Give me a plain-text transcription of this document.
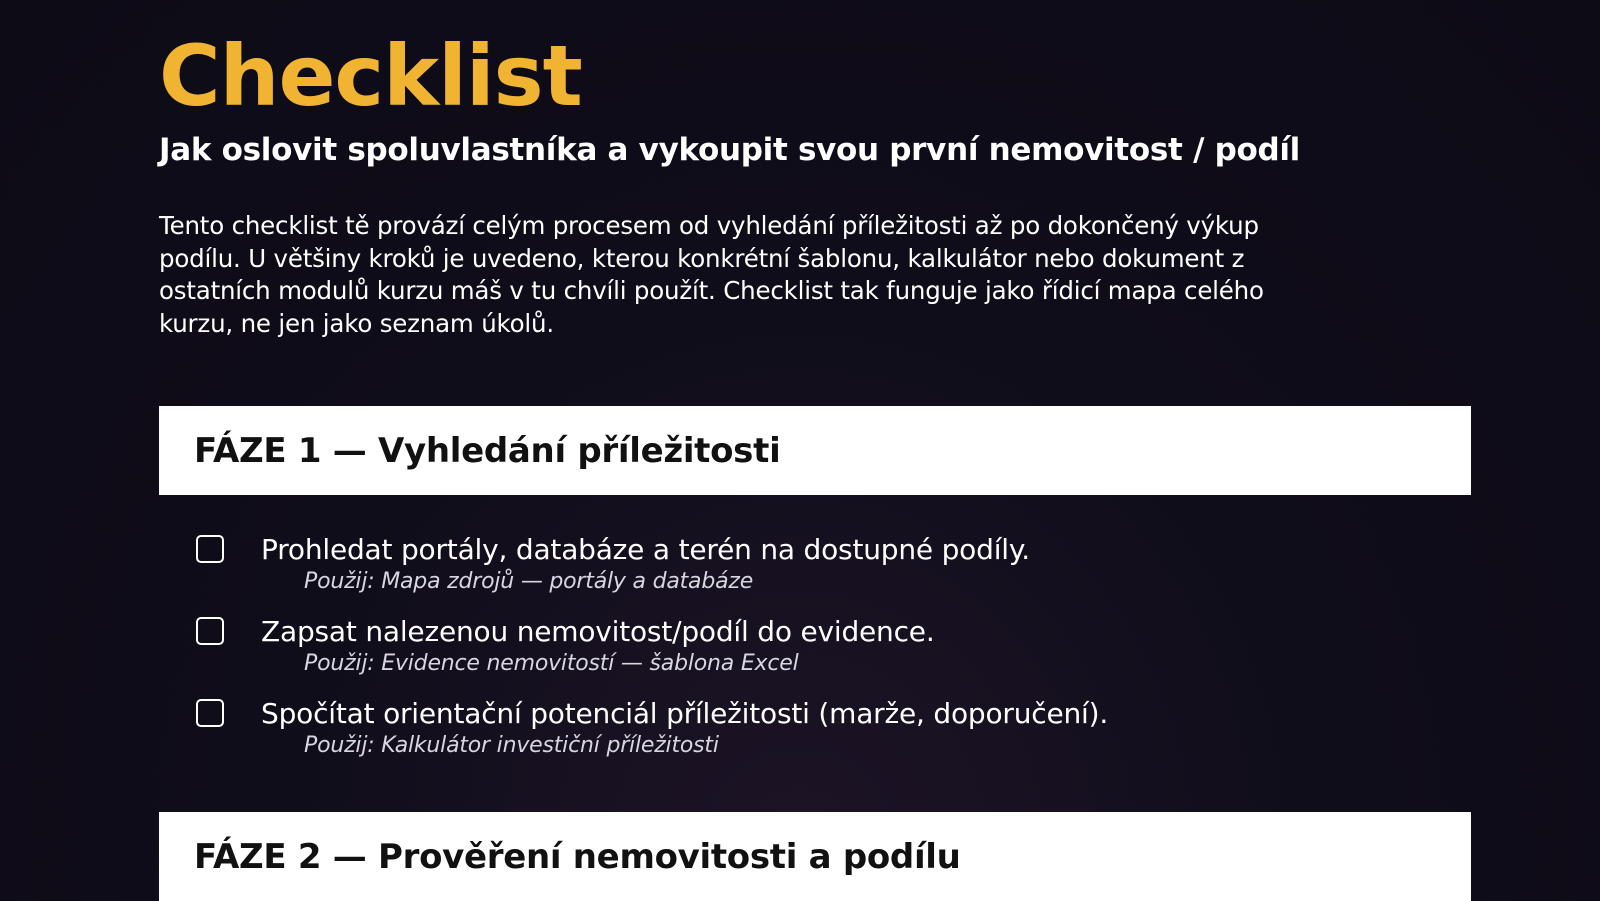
Checklist
Jak oslovit spoluvlastníka a vykoupit svou první nemovitost / podíl

Tento checklist tě provází celým procesem od vyhledání příležitosti až po dokončený výkup podílu. U většiny kroků je uvedeno, kterou konkrétní šablonu, kalkulátor nebo dokument z ostatních modulů kurzu máš v tu chvíli použít. Checklist tak funguje jako řídicí mapa celého kurzu, ne jen jako seznam úkolů.

FÁZE 1 — Vyhledání příležitosti
Prohledat portály, databáze a terén na dostupné podíly.
Použij: Mapa zdrojů — portály a databáze
Zapsat nalezenou nemovitost/podíl do evidence.
Použij: Evidence nemovitostí — šablona Excel
Spočítat orientační potenciál příležitosti (marže, doporučení).
Použij: Kalkulátor investiční příležitosti
FÁZE 2 — Prověření nemovitosti a podílu
